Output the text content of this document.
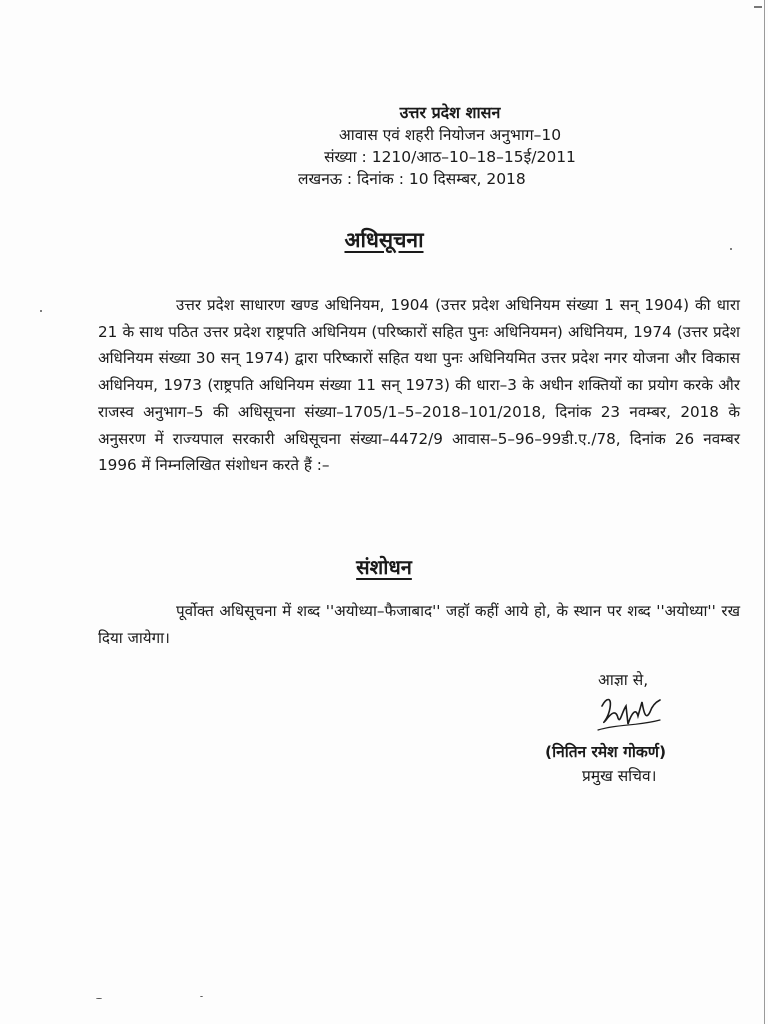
उत्तर प्रदेश शासन
आवास एवं शहरी नियोजन अनुभाग–10
संख्या : 1210/आठ–10–18–15ई/2011
लखनऊ : दिनांक : 10 दिसम्बर, 2018
अधिसूचना
उत्तर प्रदेश साधारण खण्ड अधिनियम, 1904 (उत्तर प्रदेश अधिनियम संख्या 1 सन् 1904) की धारा 21 के साथ पठित उत्तर प्रदेश राष्ट्रपति अधिनियम (परिष्कारों सहित पुनः अधिनियमन) अधिनियम, 1974 (उत्तर प्रदेश अधिनियम संख्या 30 सन् 1974) द्वारा परिष्कारों सहित यथा पुनः अधिनियमित उत्तर प्रदेश नगर योजना और विकास अधिनियम, 1973 (राष्ट्रपति अधिनियम संख्या 11 सन् 1973) की धारा–3 के अधीन शक्तियों का प्रयोग करके और राजस्व अनुभाग–5 की अधिसूचना संख्या–1705/1–5–2018–101/2018, दिनांक 23 नवम्बर, 2018 के अनुसरण में राज्यपाल सरकारी अधिसूचना संख्या–4472/9 आवास–5–96–99डी.ए./78, दिनांक 26 नवम्बर 1996 में निम्नलिखित संशोधन करते हैं :–
संशोधन
पूर्वोक्त अधिसूचना में शब्द ''अयोध्या–फैजाबाद'' जहॉ कहीं आये हो, के स्थान पर शब्द ''अयोध्या'' रख दिया जायेगा।
आज्ञा से,
(नितिन रमेश गोकर्ण)
प्रमुख सचिव।
